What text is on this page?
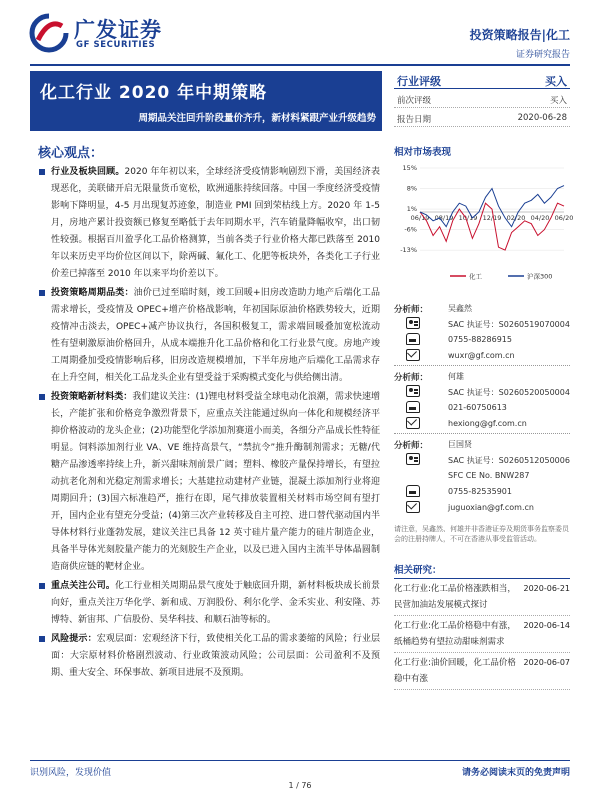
广发证券
GF SECURITIES
投资策略报告|化工
证券研究报告
化工行业 2020 年中期策略
周期品关注回升阶段量价齐升，新材料紧跟产业升级趋势
行业评级	买入
前次评级	买入
报告日期	2020-06-28
核心观点：
行业及板块回顾。2020 年年初以来，全球经济受疫情影响剧烈下滑，美国经济表现恶化，美联储开启无限量货币宽松，欧洲通胀持续回落。中国一季度经济受疫情影响下降明显，4-5 月出现复苏迹象，制造业 PMI 回到荣枯线上方。2020 年 1-5 月，房地产累计投资额已修复至略低于去年同期水平，汽车销量降幅收窄，出口韧性较强。根据百川盈孚化工品价格测算，当前各类子行业价格大都已跌落至 2010 年以来历史平均价位区间以下，除两碱、氟化工、化肥等板块外，各类化工子行业价差已掉落至 2010 年以来平均价差以下。
投资策略周期品类：油价已过至暗时刻，竣工回暖+旧房改造助力地产后端化工品需求增长，受疫情及 OPEC+增产价格战影响，年初国际原油价格跌势较大，近期疫情冲击淡去，OPEC+减产协议执行，各国积极复工，需求端回暖叠加宽松流动性有望刺激原油价格回升，从成本端推升化工品价格和化工行业景气度。房地产竣工周期叠加受疫情影响后移，旧房改造规模增加，下半年房地产后端化工品需求存在上升空间，相关化工品龙头企业有望受益于采购模式变化与供给侧出清。
投资策略新材料类：我们建议关注：(1)锂电材料受益全球电动化浪潮，需求快速增长，产能扩张和价格竞争激烈背景下，应重点关注能通过纵向一体化和规模经济平抑价格波动的龙头企业；(2)功能型化学添加剂赛道小而美，各细分产品成长性特征明显。饲料添加剂行业 VA、VE 维持高景气，“禁抗令”推升酶制剂需求；无糖/代糖产品渗透率持续上升，新兴甜味剂前景广阔；塑料、橡胶产量保持增长，有望拉动抗老化剂和光稳定剂需求增长；大基建拉动建材产业链，混凝土添加剂行业将迎周期回升；(3)国六标准趋严，推行在即，尾气排放装置相关材料市场空间有望打开，国内企业有望充分受益；(4)第三次产业转移及自主可控、进口替代驱动国内半导体材料行业蓬勃发展，建议关注已具备 12 英寸硅片量产能力的硅片制造企业，具备半导体光刻胶量产能力的光刻胶生产企业，以及已进入国内主流半导体晶圆制造商供应链的靶材企业。
重点关注公司。化工行业相关周期品景气度处于触底回升期，新材料板块成长前景向好，重点关注万华化学、新和成、万润股份、利尔化学、金禾实业、利安隆、苏博特、新宙邦、广信股份、昊华科技、和顺石油等标的。
风险提示：宏观层面：宏观经济下行，致使相关化工品的需求萎缩的风险；行业层面：大宗原材料价格剧烈波动、行业政策波动风险；公司层面：公司盈利不及预期、重大安全、环保事故、新项目进展不及预期。
相对市场表现
15%
8%
1%
-6%
-13%
06/19 08/19 10/19 12/19 02/20 04/20 06/20
化工	沪深300
分析师： 吴鑫然
SAC 执证号：S0260519070004
0755-88286915
wuxr@gf.com.cn
分析师： 何雄
SAC 执证号：S0260520050004
021-60750613
hexiong@gf.com.cn
分析师： 巨国贤
SAC 执证号：S0260512050006
SFC CE No. BNW287
0755-82535901
juguoxian@gf.com.cn
请注意，吴鑫然、何雄并非香港证券及期货事务监察委员会的注册持牌人，不可在香港从事受监管活动。
相关研究：
化工行业:化工品价格涨跌相当，民营加油站发展模式探讨
2020-06-21
化工行业:化工品价格稳中有涨，纸桶趋势有望拉动甜味剂需求
2020-06-14
化工行业:油价回暖，化工品价格稳中有涨
2020-06-07
识别风险，发现价值	请务必阅读末页的免责声明
1 / 76
